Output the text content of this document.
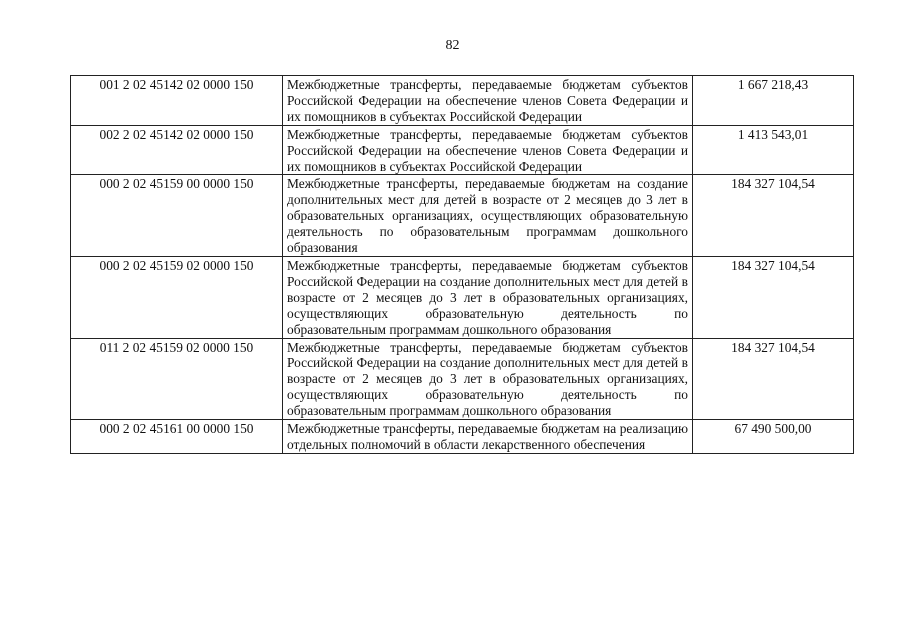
82
001 2 02 45142 02 0000 150	Межбюджетные трансферты, передаваемые бюджетам субъектов Российской Федерации на обеспечение членов Совета Федерации и их помощников в субъектах Российской Федерации	1 667 218,43
002 2 02 45142 02 0000 150	Межбюджетные трансферты, передаваемые бюджетам субъектов Российской Федерации на обеспечение членов Совета Федерации и их помощников в субъектах Российской Федерации	1 413 543,01
000 2 02 45159 00 0000 150	Межбюджетные трансферты, передаваемые бюджетам на создание дополнительных мест для детей в возрасте от 2 месяцев до 3 лет в образовательных организациях, осуществляющих образовательную деятельность по образовательным программам дошкольного образования	184 327 104,54
000 2 02 45159 02 0000 150	Межбюджетные трансферты, передаваемые бюджетам субъектов Российской Федерации на создание дополнительных мест для детей в возрасте от 2 месяцев до 3 лет в образовательных организациях, осуществляющих образовательную деятельность по образовательным программам дошкольного образования	184 327 104,54
011 2 02 45159 02 0000 150	Межбюджетные трансферты, передаваемые бюджетам субъектов Российской Федерации на создание дополнительных мест для детей в возрасте от 2 месяцев до 3 лет в образовательных организациях, осуществляющих образовательную деятельность по образовательным программам дошкольного образования	184 327 104,54
000 2 02 45161 00 0000 150	Межбюджетные трансферты, передаваемые бюджетам на реализацию отдельных полномочий в области лекарственного обеспечения	67 490 500,00
